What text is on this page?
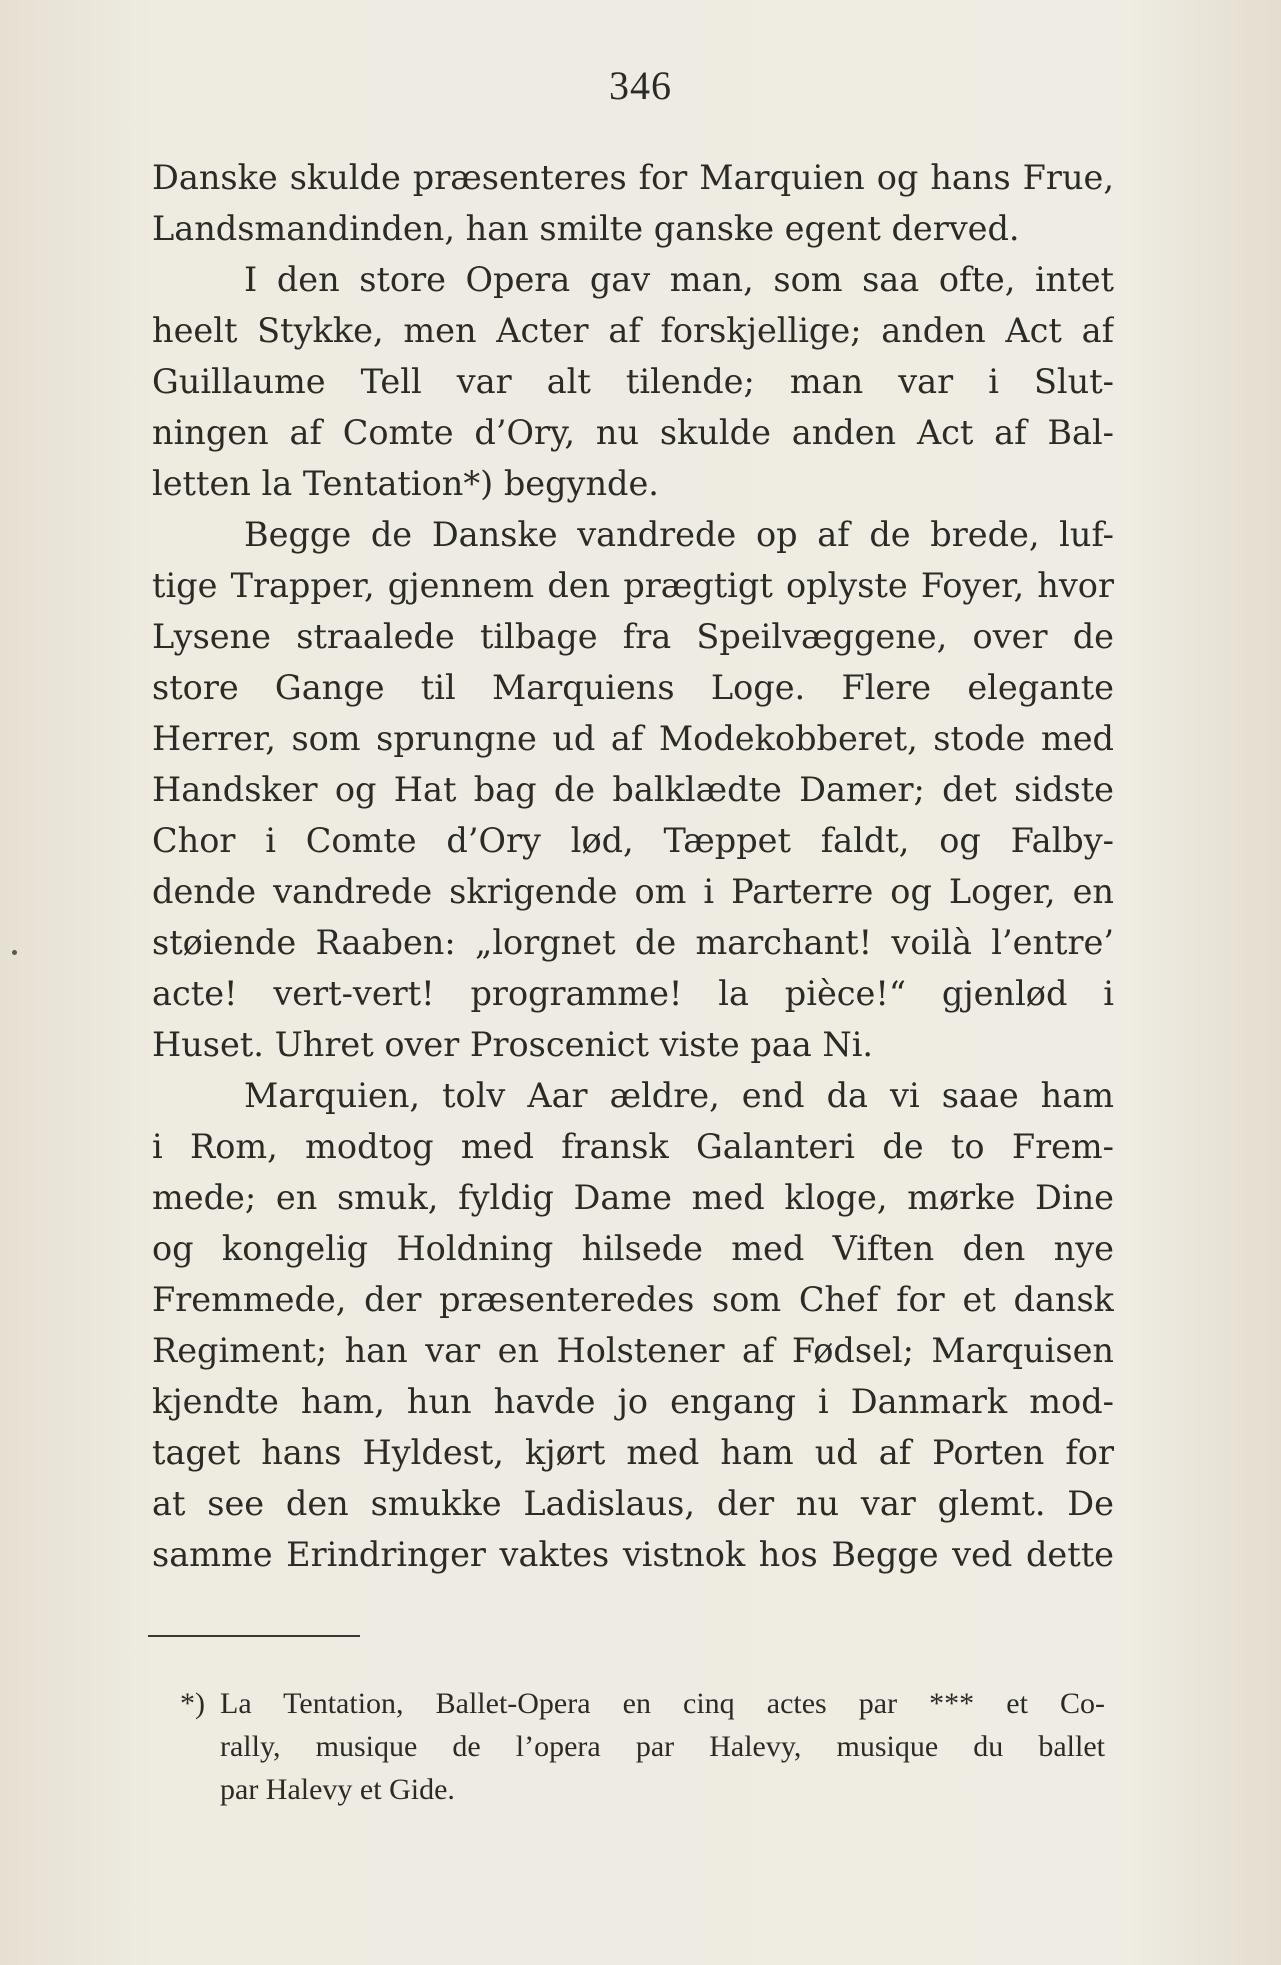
346
Danske skulde præsenteres for Marquien og hans Frue,
Landsmandinden, han smilte ganske egent derved.
I den store Opera gav man, som saa ofte, intet
heelt Stykke, men Acter af forskjellige; anden Act af
Guillaume Tell var alt tilende; man var i Slut-
ningen af Comte d’Ory, nu skulde anden Act af Bal-
letten la Tentation*) begynde.
Begge de Danske vandrede op af de brede, luf-
tige Trapper, gjennem den prægtigt oplyste Foyer, hvor
Lysene straalede tilbage fra Speilvæggene, over de
store Gange til Marquiens Loge. Flere elegante
Herrer, som sprungne ud af Modekobberet, stode med
Handsker og Hat bag de balklædte Damer; det sidste
Chor i Comte d’Ory lød, Tæppet faldt, og Falby-
dende vandrede skrigende om i Parterre og Loger, en
støiende Raaben: „lorgnet de marchant! voilà l’entre’
acte! vert-vert! programme! la pièce!“ gjenlød i
Huset. Uhret over Proscenict viste paa Ni.
Marquien, tolv Aar ældre, end da vi saae ham
i Rom, modtog med fransk Galanteri de to Frem-
mede; en smuk, fyldig Dame med kloge, mørke Dine
og kongelig Holdning hilsede med Viften den nye
Fremmede, der præsenteredes som Chef for et dansk
Regiment; han var en Holstener af Fødsel; Marquisen
kjendte ham, hun havde jo engang i Danmark mod-
taget hans Hyldest, kjørt med ham ud af Porten for
at see den smukke Ladislaus, der nu var glemt. De
samme Erindringer vaktes vistnok hos Begge ved dette
*) La Tentation, Ballet-Opera en cinq actes par *** et Co-
rally, musique de l’opera par Halevy, musique du ballet
par Halevy et Gide.
